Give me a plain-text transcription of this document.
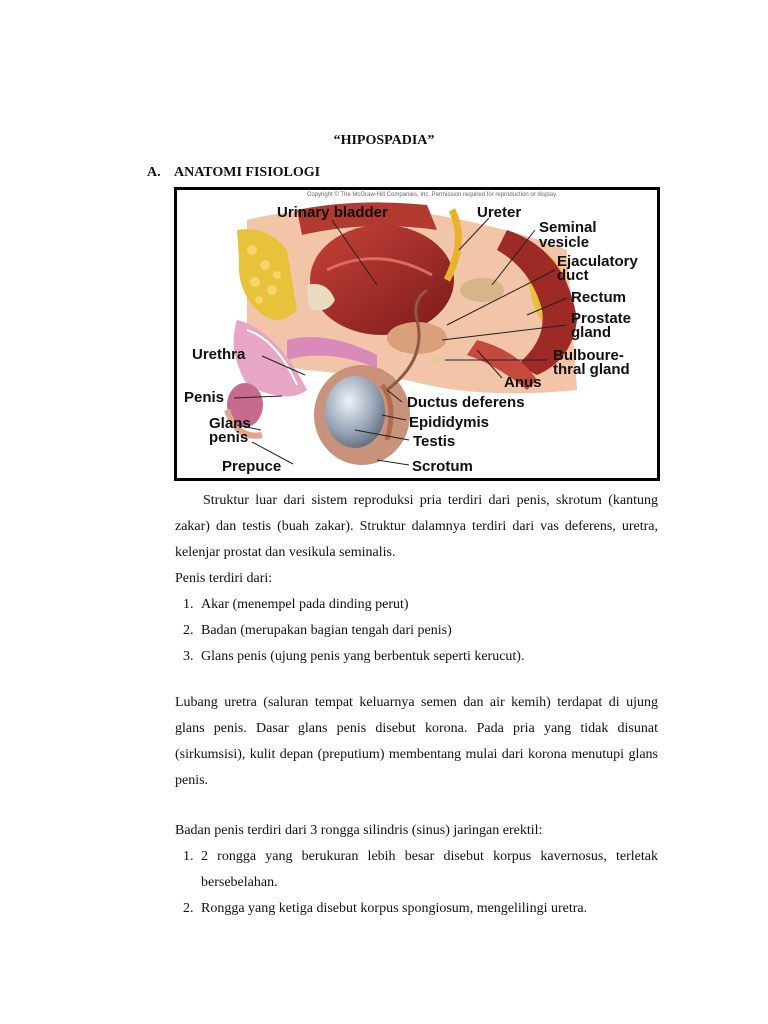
“HIPOSPADIA”
A. ANATOMI FISIOLOGI
Copyright © The McGraw-Hill Companies, Inc. Permission required for reproduction or display.
Urinary bladder	Ureter
Seminal
vesicle
Ejaculatory
duct
Rectum
Prostate
gland
Urethra	Bulboure-
thral gland
Anus
Penis	Ductus deferens
Glans
penis
Epididymis
Testis
Prepuce	Scrotum
Struktur luar dari sistem reproduksi pria terdiri dari penis, skrotum (kantung zakar) dan testis (buah zakar). Struktur dalamnya terdiri dari vas deferens, uretra, kelenjar prostat dan vesikula seminalis.
Penis terdiri dari:
1. Akar (menempel pada dinding perut)
2. Badan (merupakan bagian tengah dari penis)
3. Glans penis (ujung penis yang berbentuk seperti kerucut).
Lubang uretra (saluran tempat keluarnya semen dan air kemih) terdapat di ujung glans penis. Dasar glans penis disebut korona. Pada pria yang tidak disunat (sirkumsisi), kulit depan (preputium) membentang mulai dari korona menutupi glans penis.
Badan penis terdiri dari 3 rongga silindris (sinus) jaringan erektil:
1. 2 rongga yang berukuran lebih besar disebut korpus kavernosus, terletak bersebelahan.
2. Rongga yang ketiga disebut korpus spongiosum, mengelilingi uretra.
